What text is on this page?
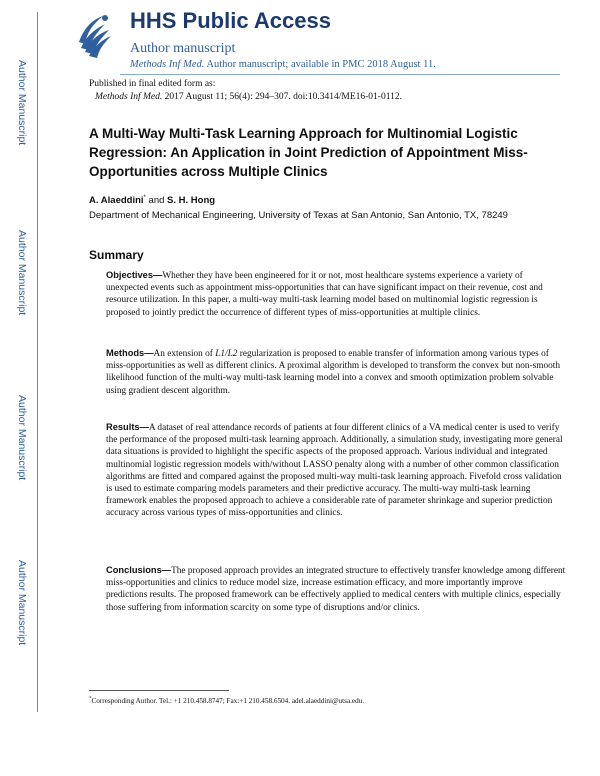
Author Manuscript
Author Manuscript
Author Manuscript
Author Manuscript
HHS Public Access
Author manuscript
Methods Inf Med. Author manuscript; available in PMC 2018 August 11.
Published in final edited form as:
Methods Inf Med. 2017 August 11; 56(4): 294–307. doi:10.3414/ME16-01-0112.
A Multi-Way Multi-Task Learning Approach for Multinomial Logistic Regression: An Application in Joint Prediction of Appointment Miss-Opportunities across Multiple Clinics
A. Alaeddini* and S. H. Hong
Department of Mechanical Engineering, University of Texas at San Antonio, San Antonio, TX, 78249
Summary
Objectives—Whether they have been engineered for it or not, most healthcare systems experience a variety of unexpected events such as appointment miss-opportunities that can have significant impact on their revenue, cost and resource utilization. In this paper, a multi-way multi-task learning model based on multinomial logistic regression is proposed to jointly predict the occurrence of different types of miss-opportunities at multiple clinics.
Methods—An extension of L1/L2 regularization is proposed to enable transfer of information among various types of miss-opportunities as well as different clinics. A proximal algorithm is developed to transform the convex but non-smooth likelihood function of the multi-way multi-task learning model into a convex and smooth optimization problem solvable using gradient descent algorithm.
Results—A dataset of real attendance records of patients at four different clinics of a VA medical center is used to verify the performance of the proposed multi-task learning approach. Additionally, a simulation study, investigating more general data situations is provided to highlight the specific aspects of the proposed approach. Various individual and integrated multinomial logistic regression models with/without LASSO penalty along with a number of other common classification algorithms are fitted and compared against the proposed multi-way multi-task learning approach. Fivefold cross validation is used to estimate comparing models parameters and their predictive accuracy. The multi-way multi-task learning framework enables the proposed approach to achieve a considerable rate of parameter shrinkage and superior prediction accuracy across various types of miss-opportunities and clinics.
Conclusions—The proposed approach provides an integrated structure to effectively transfer knowledge among different miss-opportunities and clinics to reduce model size, increase estimation efficacy, and more importantly improve predictions results. The proposed framework can be effectively applied to medical centers with multiple clinics, especially those suffering from information scarcity on some type of disruptions and/or clinics.
*Corresponding Author. Tel.: +1 210.458.8747; Fax:+1 210.458.6504. adel.alaeddini@utsa.edu.
